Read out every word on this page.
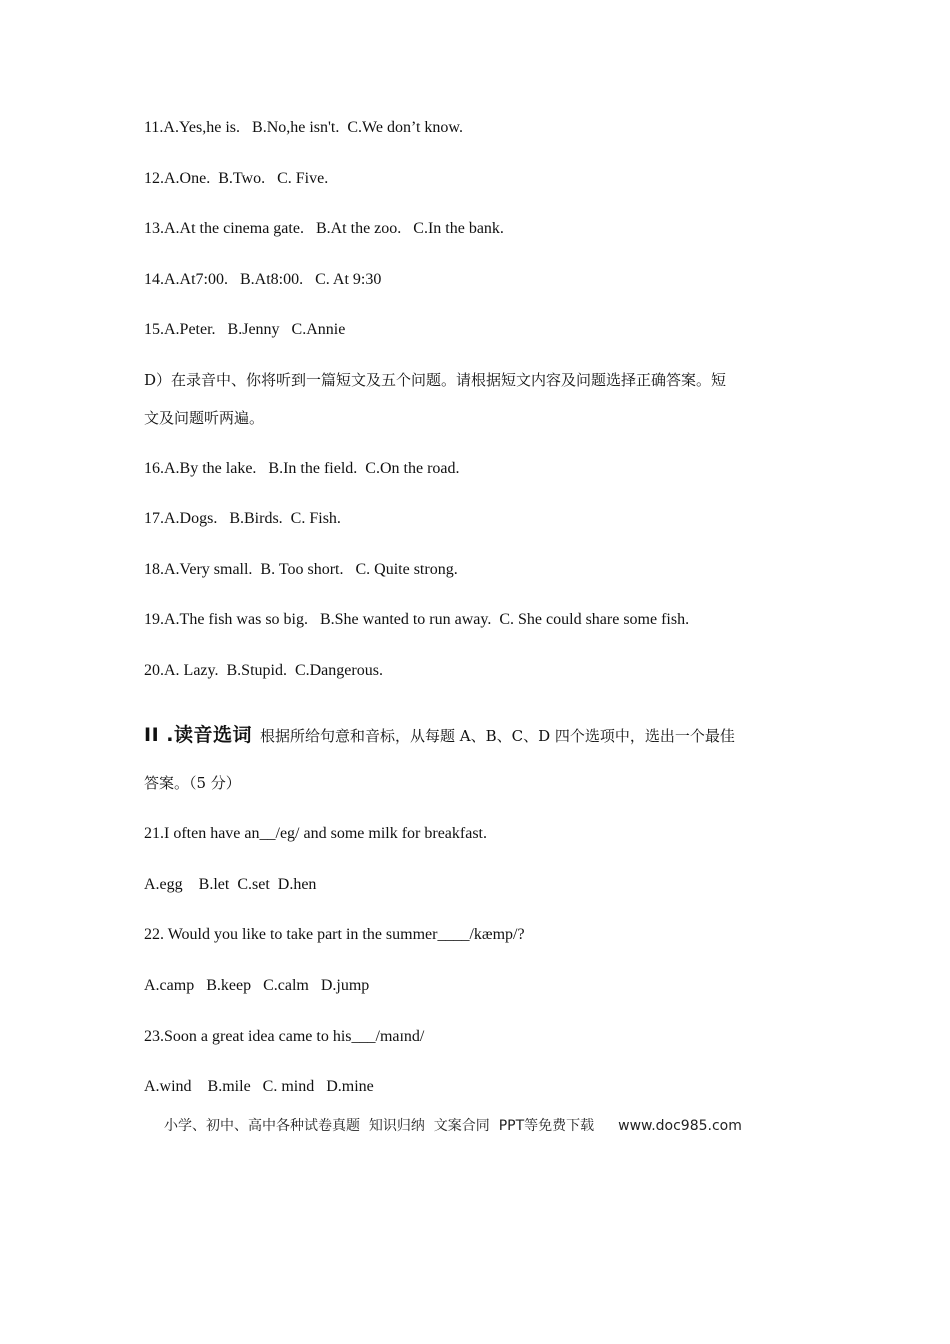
11.A.Yes,he is.   B.No,he isn't.  C.We don’t know.

12.A.One.  B.Two.   C. Five.

13.A.At the cinema gate.   B.At the zoo.   C.In the bank.

14.A.At7:00.   B.At8:00.   C. At 9:30

15.A.Peter.   B.Jenny   C.Annie

D）在录音中、你将听到一篇短文及五个问题。请根据短文内容及问题选择正确答案。短

文及问题听两遍。

16.A.By the lake.   B.In the field.  C.On the road.

17.A.Dogs.   B.Birds.  C. Fish.

18.A.Very small.  B. Too short.   C. Quite strong.

19.A.The fish was so big.   B.She wanted to run away.  C. She could share some fish.

20.A. Lazy.  B.Stupid.  C.Dangerous.

II .读音选词 根据所给句意和音标，从每题 A、B、C、D 四个选项中，选出一个最佳

答案。（5 分）

21.I often have an__/eg/ and some milk for breakfast.

A.egg    B.let  C.set  D.hen

22. Would you like to take part in the summer____/kæmp/?

A.camp   B.keep   C.calm   D.jump

23.Soon a great idea came to his___/maɪnd/

A.wind    B.mile   C. mind   D.mine

小学、初中、高中各种试卷真题  知识归纳  文案合同  PPT等免费下载 www.doc985.com
